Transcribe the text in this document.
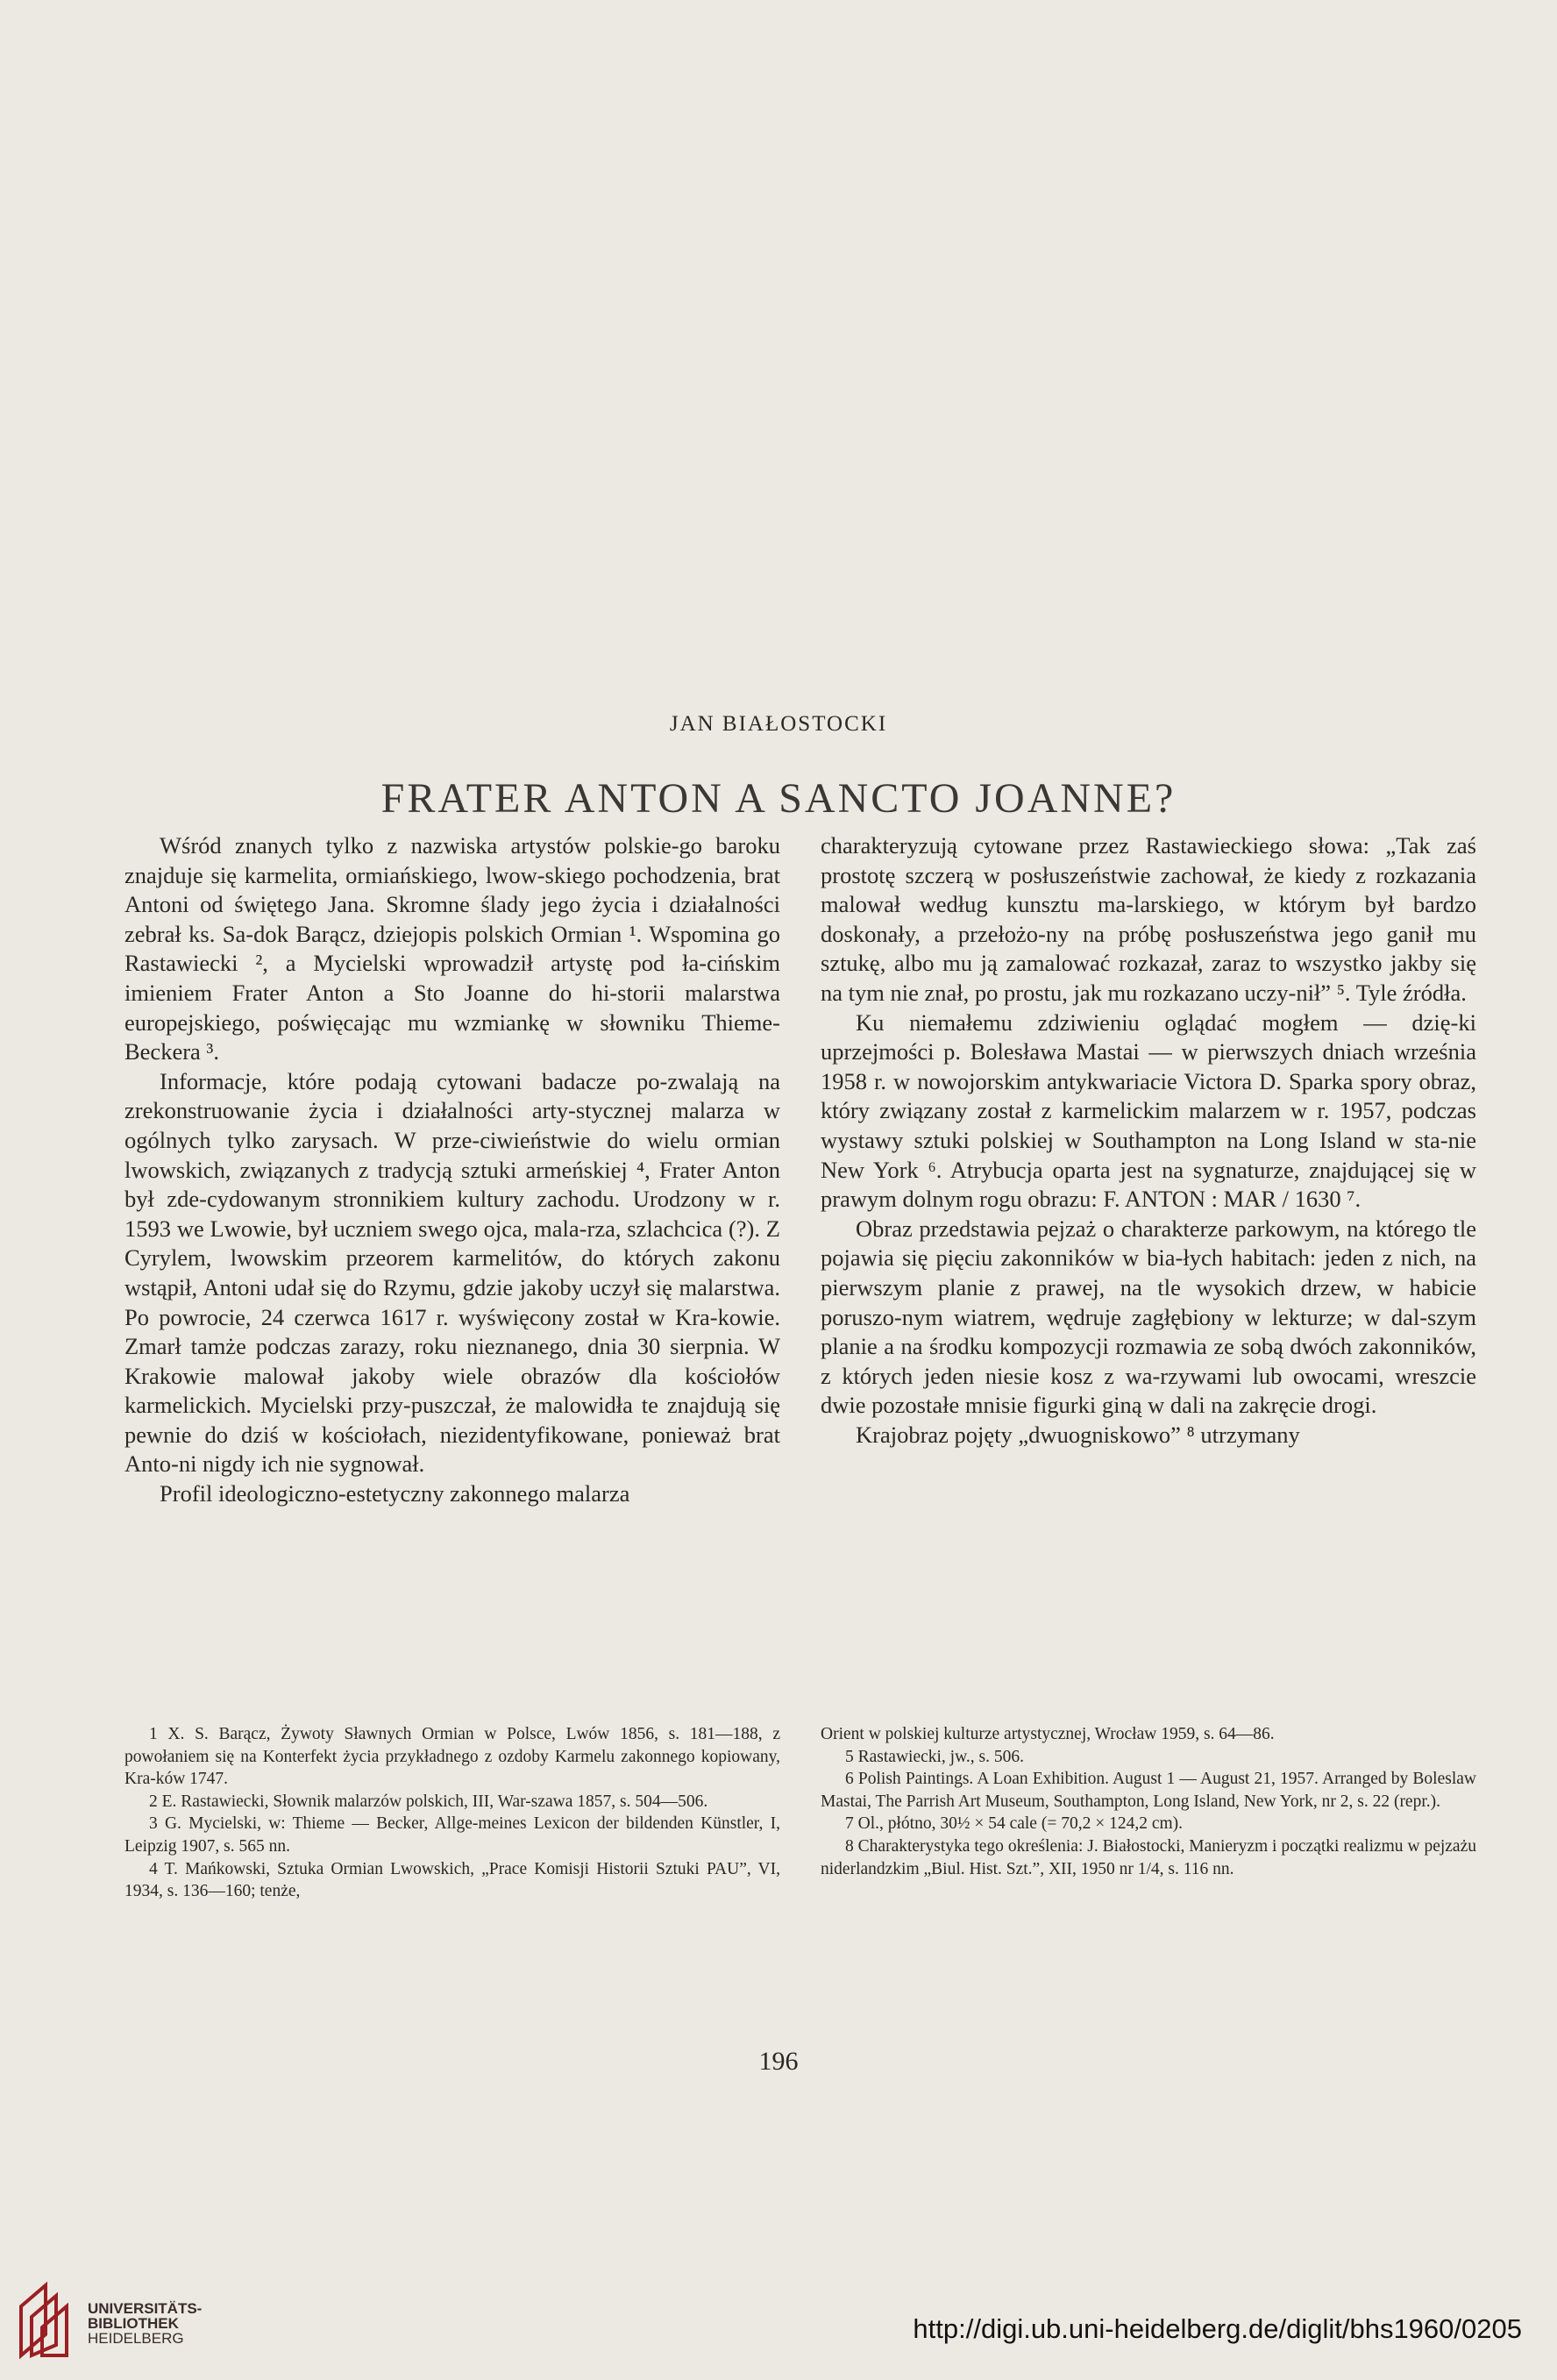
JAN BIAŁOSTOCKI
FRATER ANTON A SANCTO JOANNE?

Wśród znanych tylko z nazwiska artystów polskie-go baroku znajduje się karmelita, ormiańskiego, lwow-skiego pochodzenia, brat Antoni od świętego Jana. Skromne ślady jego życia i działalności zebrał ks. Sa-dok Barącz, dziejopis polskich Ormian ¹. Wspomina go Rastawiecki ², a Mycielski wprowadził artystę pod ła-cińskim imieniem Frater Anton a Sto Joanne do hi-storii malarstwa europejskiego, poświęcając mu wzmiankę w słowniku Thieme-Beckera ³.

Informacje, które podają cytowani badacze po-zwalają na zrekonstruowanie życia i działalności arty-stycznej malarza w ogólnych tylko zarysach. W prze-ciwieństwie do wielu ormian lwowskich, związanych z tradycją sztuki armeńskiej ⁴, Frater Anton był zde-cydowanym stronnikiem kultury zachodu. Urodzony w r. 1593 we Lwowie, był uczniem swego ojca, mala-rza, szlachcica (?). Z Cyrylem, lwowskim przeorem karmelitów, do których zakonu wstąpił, Antoni udał się do Rzymu, gdzie jakoby uczył się malarstwa. Po powrocie, 24 czerwca 1617 r. wyświęcony został w Kra-kowie. Zmarł tamże podczas zarazy, roku nieznanego, dnia 30 sierpnia. W Krakowie malował jakoby wiele obrazów dla kościołów karmelickich. Mycielski przy-puszczał, że malowidła te znajdują się pewnie do dziś w kościołach, niezidentyfikowane, ponieważ brat Anto-ni nigdy ich nie sygnował.

Profil ideologiczno-estetyczny zakonnego malarza

charakteryzują cytowane przez Rastawieckiego słowa: „Tak zaś prostotę szczerą w posłuszeństwie zachował, że kiedy z rozkazania malował według kunsztu ma-larskiego, w którym był bardzo doskonały, a przełożo-ny na próbę posłuszeństwa jego ganił mu sztukę, albo mu ją zamalować rozkazał, zaraz to wszystko jakby się na tym nie znał, po prostu, jak mu rozkazano uczy-nił” ⁵. Tyle źródła.

Ku niemałemu zdziwieniu oglądać mogłem — dzię-ki uprzejmości p. Bolesława Mastai — w pierwszych dniach września 1958 r. w nowojorskim antykwariacie Victora D. Sparka spory obraz, który związany został z karmelickim malarzem w r. 1957, podczas wystawy sztuki polskiej w Southampton na Long Island w sta-nie New York ⁶. Atrybucja oparta jest na sygnaturze, znajdującej się w prawym dolnym rogu obrazu: F. ANTON : MAR / 1630 ⁷.

Obraz przedstawia pejzaż o charakterze parkowym, na którego tle pojawia się pięciu zakonników w bia-łych habitach: jeden z nich, na pierwszym planie z prawej, na tle wysokich drzew, w habicie poruszo-nym wiatrem, wędruje zagłębiony w lekturze; w dal-szym planie a na środku kompozycji rozmawia ze sobą dwóch zakonników, z których jeden niesie kosz z wa-rzywami lub owocami, wreszcie dwie pozostałe mnisie figurki giną w dali na zakręcie drogi.

Krajobraz pojęty „dwuogniskowo” ⁸ utrzymany

1 X. S. Barącz, Żywoty Sławnych Ormian w Polsce, Lwów 1856, s. 181—188, z powołaniem się na Konterfekt życia przykładnego z ozdoby Karmelu zakonnego kopiowany, Kra-ków 1747.

2 E. Rastawiecki, Słownik malarzów polskich, III, War-szawa 1857, s. 504—506.

3 G. Mycielski, w: Thieme — Becker, Allge-meines Lexicon der bildenden Künstler, I, Leipzig 1907, s. 565 nn.

4 T. Mańkowski, Sztuka Ormian Lwowskich, „Prace Komisji Historii Sztuki PAU”, VI, 1934, s. 136—160; tenże,

Orient w polskiej kulturze artystycznej, Wrocław 1959, s. 64—86.

5 Rastawiecki, jw., s. 506.

6 Polish Paintings. A Loan Exhibition. August 1 — August 21, 1957. Arranged by Boleslaw Mastai, The Parrish Art Museum, Southampton, Long Island, New York, nr 2, s. 22 (repr.).

7 Ol., płótno, 30½ × 54 cale (= 70,2 × 124,2 cm).

8 Charakterystyka tego określenia: J. Białostocki, Manieryzm i początki realizmu w pejzażu niderlandzkim „Biul. Hist. Szt.”, XII, 1950 nr 1/4, s. 116 nn.

196
UNIVERSITÄTS-
BIBLIOTHEK
HEIDELBERG	http://digi.ub.uni-heidelberg.de/diglit/bhs1960/0205
